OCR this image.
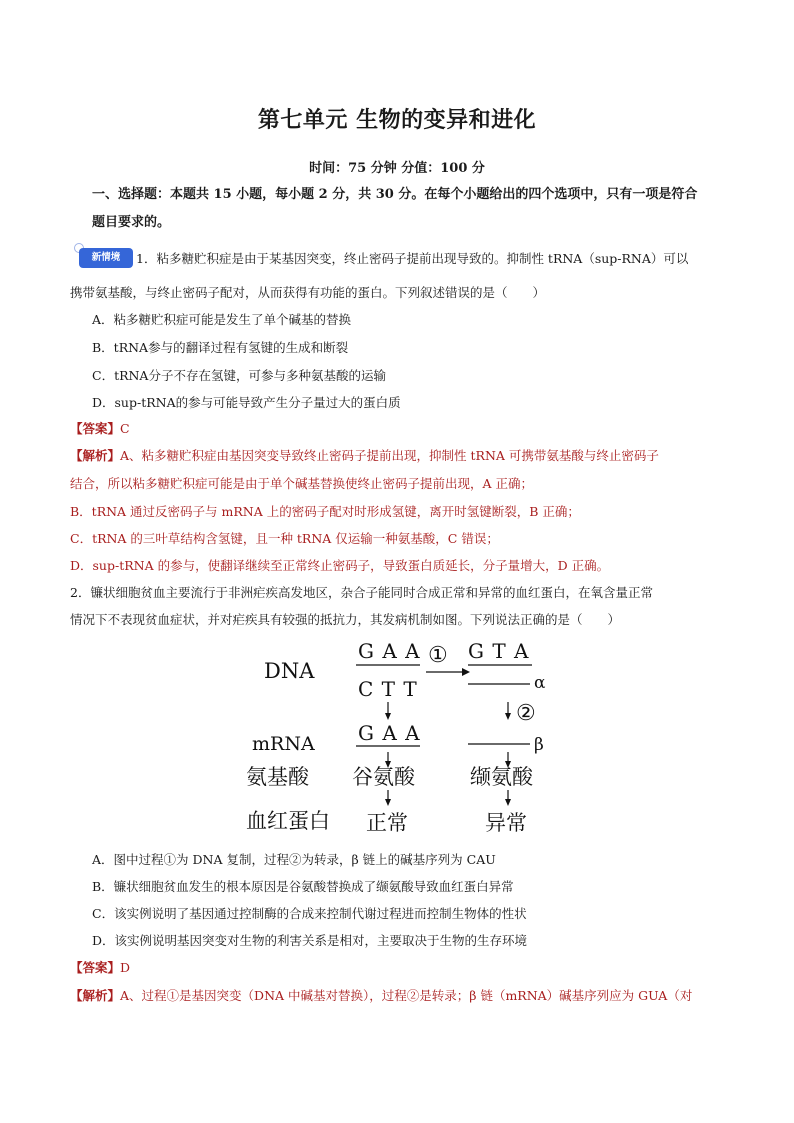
第七单元 生物的变异和进化
时间：75 分钟 分值：100 分
一、选择题：本题共 15 小题，每小题 2 分，共 30 分。在每个小题给出的四个选项中，只有一项是符合
题目要求的。
新情境	1．粘多糖贮积症是由于某基因突变，终止密码子提前出现导致的。抑制性 tRNA（sup-RNA）可以
携带氨基酸，与终止密码子配对，从而获得有功能的蛋白。下列叙述错误的是（　　）
A．粘多糖贮积症可能是发生了单个碱基的替换
B．tRNA参与的翻译过程有氢键的生成和断裂
C．tRNA分子不存在氢键，可参与多种氨基酸的运输
D．sup-tRNA的参与可能导致产生分子量过大的蛋白质
【答案】C
【解析】A、粘多糖贮积症由基因突变导致终止密码子提前出现，抑制性 tRNA 可携带氨基酸与终止密码子
结合，所以粘多糖贮积症可能是由于单个碱基替换使终止密码子提前出现，A 正确；
B．tRNA 通过反密码子与 mRNA 上的密码子配对时形成氢键，离开时氢键断裂，B 正确；
C．tRNA 的三叶草结构含氢键，且一种 tRNA 仅运输一种氨基酸，C 错误；
D．sup-tRNA 的参与，使翻译继续至正常终止密码子，导致蛋白质延长，分子量增大，D 正确。
2．镰状细胞贫血主要流行于非洲疟疾高发地区，杂合子能同时合成正常和异常的血红蛋白，在氧含量正常
情况下不表现贫血症状，并对疟疾具有较强的抵抗力，其发病机制如图。下列说法正确的是（　　）
DNA
G A A
C T T
① G T A
α
②
G A A
mRNA	β
氨基酸 谷氨酸	缬氨酸
血红蛋白 正常	异常
A．图中过程①为 DNA 复制，过程②为转录，β 链上的碱基序列为 CAU
B．镰状细胞贫血发生的根本原因是谷氨酸替换成了缬氨酸导致血红蛋白异常
C．该实例说明了基因通过控制酶的合成来控制代谢过程进而控制生物体的性状
D．该实例说明基因突变对生物的利害关系是相对，主要取决于生物的生存环境
【答案】D
【解析】A、过程①是基因突变（DNA 中碱基对替换），过程②是转录；β 链（mRNA）碱基序列应为 GUA（对
